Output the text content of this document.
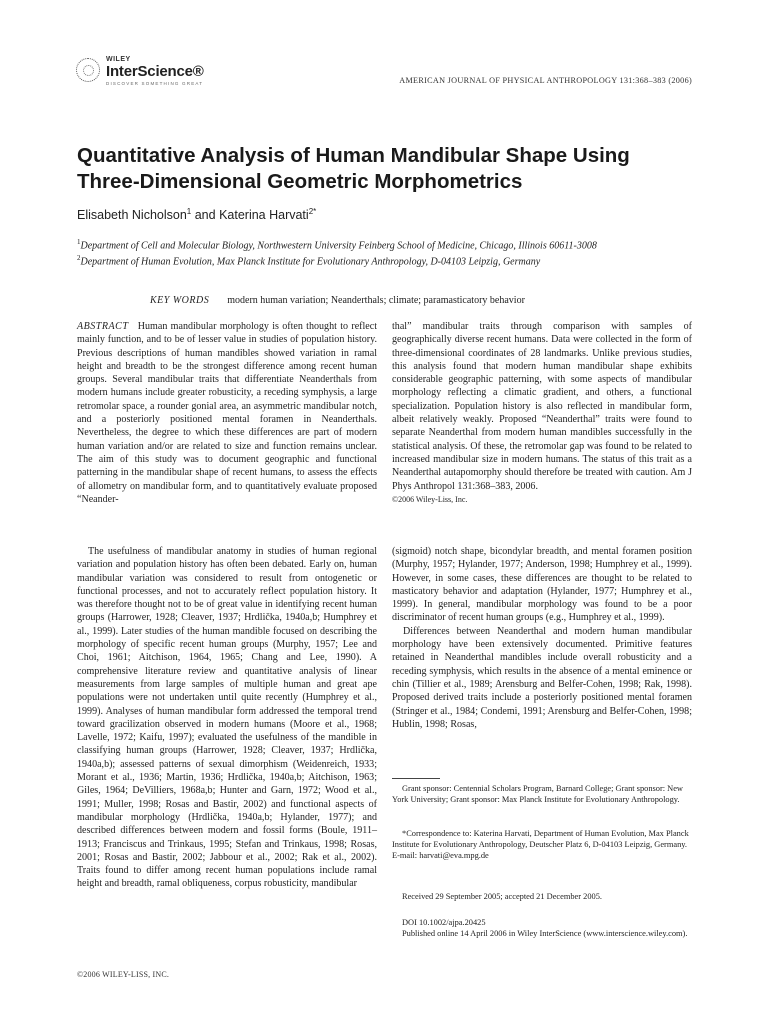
WILEY
InterScience®
DISCOVER SOMETHING GREAT	AMERICAN JOURNAL OF PHYSICAL ANTHROPOLOGY 131:368–383 (2006)
Quantitative Analysis of Human Mandibular Shape Using Three-Dimensional Geometric Morphometrics
Elisabeth Nicholson$^1$ and Katerina Harvati$^{2*}$
$^1$Department of Cell and Molecular Biology, Northwestern University Feinberg School of Medicine, Chicago, Illinois 60611-3008
$^2$Department of Human Evolution, Max Planck Institute for Evolutionary Anthropology, D-04103 Leipzig, Germany
KEY WORDS modern human variation; Neanderthals; climate; paramasticatory behavior
ABSTRACT Human mandibular morphology is often thought to reflect mainly function, and to be of lesser value in studies of population history. Previous descriptions of human mandibles showed variation in ramal height and breadth to be the strongest difference among recent human groups. Several mandibular traits that differentiate Neanderthals from modern humans include greater robusticity, a receding symphysis, a large retromolar space, a rounder gonial area, an asymmetric mandibular notch, and a posteriorly positioned mental foramen in Neanderthals. Nevertheless, the degree to which these differences are part of modern human variation and/or are related to size and function remains unclear. The aim of this study was to document geographic and functional patterning in the mandibular shape of recent humans, to assess the effects of allometry on mandibular form, and to quantitatively evaluate proposed “Neander-
thal” mandibular traits through comparison with samples of geographically diverse recent humans. Data were collected in the form of three-dimensional coordinates of 28 landmarks. Unlike previous studies, this analysis found that modern human mandibular shape exhibits considerable geographic patterning, with some aspects of mandibular morphology reflecting a climatic gradient, and others, a functional specialization. Population history is also reflected in mandibular form, albeit relatively weakly. Proposed “Neanderthal” traits were found to separate Neanderthal from modern human mandibles successfully in the statistical analysis. Of these, the retromolar gap was found to be related to increased mandibular size in modern humans. The status of this trait as a Neanderthal autapomorphy should therefore be treated with caution. Am J Phys Anthropol 131:368–383, 2006.
©2006 Wiley-Liss, Inc.

The usefulness of mandibular anatomy in studies of human regional variation and population history has often been debated. Early on, human mandibular variation was considered to result from ontogenetic or functional processes, and not to accurately reflect population history. It was therefore thought not to be of great value in identifying recent human groups (Harrower, 1928; Cleaver, 1937; Hrdlička, 1940a,b; Humphrey et al., 1999). Later studies of the human mandible focused on describing the morphology of specific recent human groups (Murphy, 1957; Lee and Choi, 1961; Aitchison, 1964, 1965; Chang and Lee, 1990). A comprehensive literature review and quantitative analysis of linear measurements from large samples of multiple human and great ape populations were not undertaken until quite recently (Humphrey et al., 1999). Analyses of human mandibular form addressed the temporal trend toward gracilization observed in modern humans (Moore et al., 1968; Lavelle, 1972; Kaifu, 1997); evaluated the usefulness of the mandible in classifying human groups (Harrower, 1928; Cleaver, 1937; Hrdlička, 1940a,b); assessed patterns of sexual dimorphism (Weidenreich, 1933; Morant et al., 1936; Martin, 1936; Hrdlička, 1940a,b; Aitchison, 1963; Giles, 1964; DeVilliers, 1968a,b; Hunter and Garn, 1972; Wood et al., 1991; Muller, 1998; Rosas and Bastir, 2002) and functional aspects of mandibular morphology (Hrdlička, 1940a,b; Hylander, 1977); and described differences between modern and fossil forms (Boule, 1911–1913; Franciscus and Trinkaus, 1995; Stefan and Trinkaus, 1998; Rosas, 2001; Rosas and Bastir, 2002; Jabbour et al., 2002; Rak et al., 2002). Traits found to differ among recent human populations include ramal height and breadth, ramal obliqueness, corpus robusticity, mandibular

(sigmoid) notch shape, bicondylar breadth, and mental foramen position (Murphy, 1957; Hylander, 1977; Anderson, 1998; Humphrey et al., 1999). However, in some cases, these differences are thought to be related to masticatory behavior and adaptation (Hylander, 1977; Humphrey et al., 1999). In general, mandibular morphology was found to be a poor discriminator of recent human groups (e.g., Humphrey et al., 1999).

Differences between Neanderthal and modern human mandibular morphology have been extensively documented. Primitive features retained in Neanderthal mandibles include overall robusticity and a receding symphysis, which results in the absence of a mental eminence or chin (Tillier et al., 1989; Arensburg and Belfer-Cohen, 1998; Rak, 1998). Proposed derived traits include a posteriorly positioned mental foramen (Stringer et al., 1984; Condemi, 1991; Arensburg and Belfer-Cohen, 1998; Hublin, 1998; Rosas,

Grant sponsor: Centennial Scholars Program, Barnard College; Grant sponsor: New York University; Grant sponsor: Max Planck Institute for Evolutionary Anthropology.
*Correspondence to: Katerina Harvati, Department of Human Evolution, Max Planck Institute for Evolutionary Anthropology, Deutscher Platz 6, D-04103 Leipzig, Germany.
E-mail: harvati@eva.mpg.de
Received 29 September 2005; accepted 21 December 2005.
DOI 10.1002/ajpa.20425
Published online 14 April 2006 in Wiley InterScience (www.interscience.wiley.com).
©2006 WILEY-LISS, INC.
